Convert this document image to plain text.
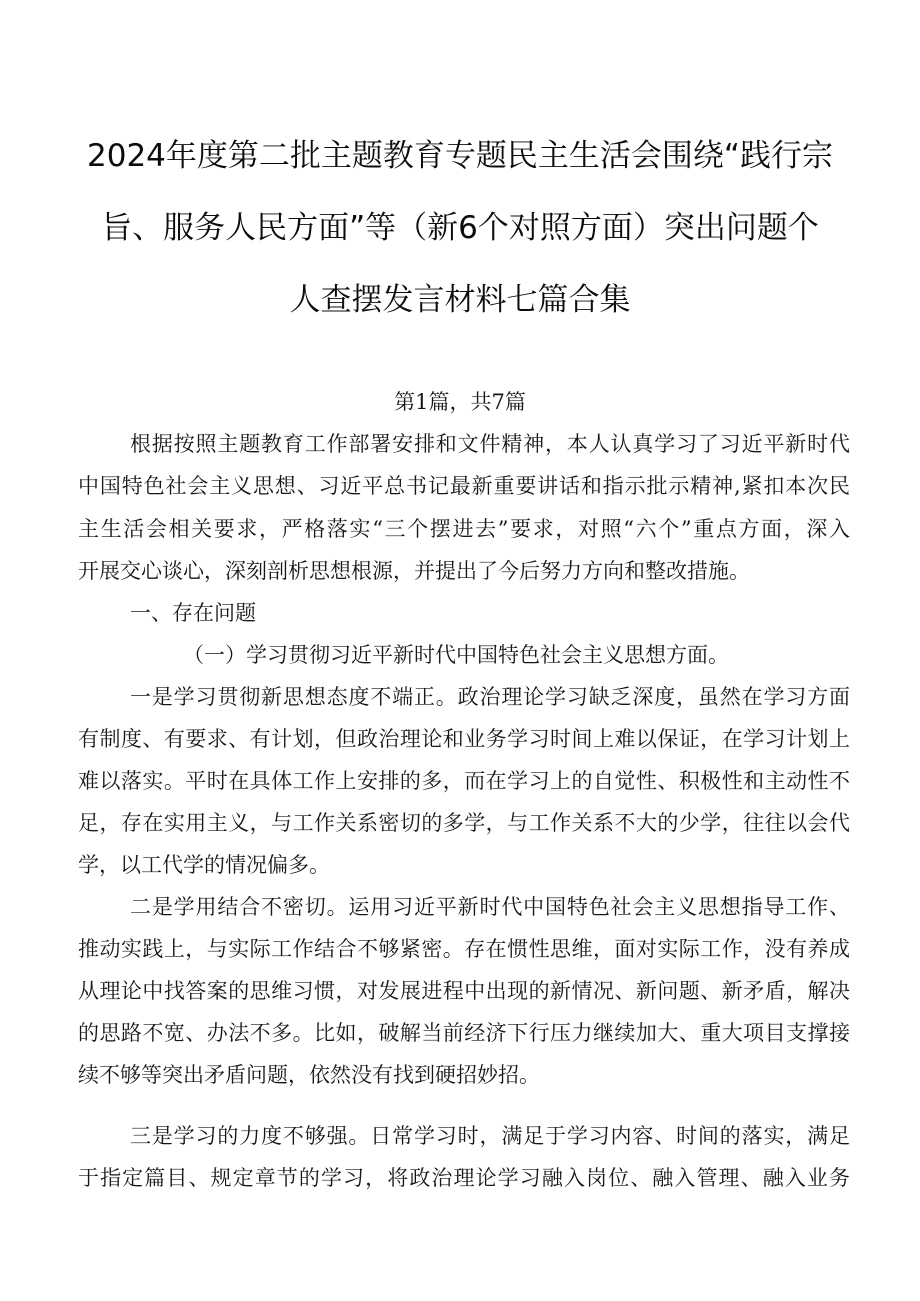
2024年度第二批主题教育专题民主生活会围绕“践行宗
旨、服务人民方面”等（新6个对照方面）突出问题个
人查摆发言材料七篇合集
第1篇，共7篇
根据按照主题教育工作部署安排和文件精神，本人认真学习了习近平新时代
中国特色社会主义思想、习近平总书记最新重要讲话和指示批示精神,紧扣本次民
主生活会相关要求，严格落实“三个摆进去”要求，对照“六个”重点方面，深入
开展交心谈心，深刻剖析思想根源，并提出了今后努力方向和整改措施。
一、存在问题
（一）学习贯彻习近平新时代中国特色社会主义思想方面。
一是学习贯彻新思想态度不端正。政治理论学习缺乏深度，虽然在学习方面
有制度、有要求、有计划，但政治理论和业务学习时间上难以保证，在学习计划上
难以落实。平时在具体工作上安排的多，而在学习上的自觉性、积极性和主动性不
足，存在实用主义，与工作关系密切的多学，与工作关系不大的少学，往往以会代
学，以工代学的情况偏多。
二是学用结合不密切。运用习近平新时代中国特色社会主义思想指导工作、
推动实践上，与实际工作结合不够紧密。存在惯性思维，面对实际工作，没有养成
从理论中找答案的思维习惯，对发展进程中出现的新情况、新问题、新矛盾，解决
的思路不宽、办法不多。比如，破解当前经济下行压力继续加大、重大项目支撑接
续不够等突出矛盾问题，依然没有找到硬招妙招。
三是学习的力度不够强。日常学习时，满足于学习内容、时间的落实，满足
于指定篇目、规定章节的学习，将政治理论学习融入岗位、融入管理、融入业务
